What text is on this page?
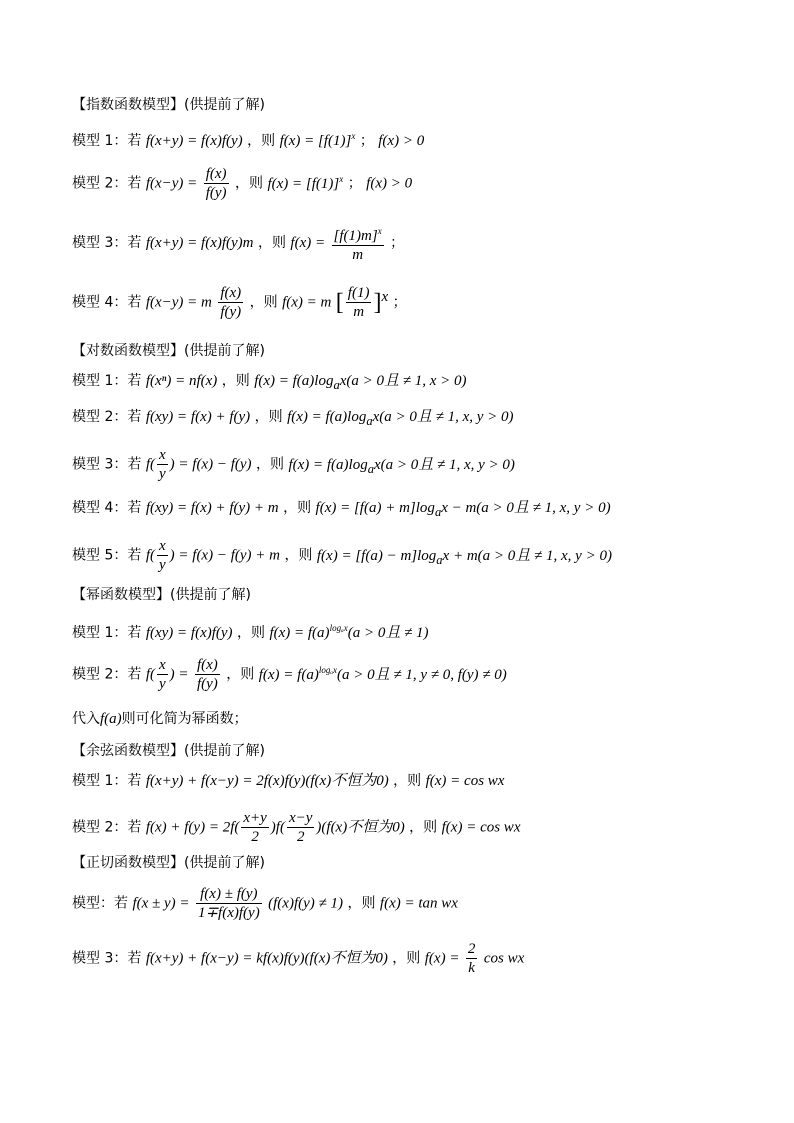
【指数函数模型】(供提前了解)
模型 1：若 f(x+y) = f(x)f(y) ，则 $f(x) = [f(1)]^x$ ； f(x) > 0
模型 2：若 $f(x-y) = \frac{f(x)}{f(y)}$ ，则 $f(x) = [f(1)]^x$ ； f(x) > 0
模型 3：若 f(x+y) = f(x)f(y)m ，则 $f(x) = \frac{[f(1)m]^x}{m}$ ；
模型 4：若 f(x−y) = m $\frac{f(x)}{f(y)}$ ，则 f(x) = m [ $\frac{f(1)}{m} ]^x$ ；
【对数函数模型】(供提前了解)
模型 1：若 f(xⁿ) = nf(x) ，则 $f(x) = f(a)\log_ax(a > 0$且 ≠ 1, x > 0)
模型 2：若 f(xy) = f(x) + f(y) ，则 $f(x) = f(a)\log_ax(a > 0$且 ≠ 1, x, y > 0)
模型 3：若 $f( \frac{x}{y}$ ) = f(x) − f(y) ，则 $f(x) = f(a)\log_ax(a > 0$且 ≠ 1, x, y > 0)
模型 4：若 f(xy) = f(x) + f(y) + m ，则 $f(x) = [f(a) + m]\log_ax - m(a > 0$且 ≠ 1, x, y > 0)
模型 5：若 $f( \frac{x}{y}$ ) = f(x) − f(y) + m ，则 $f(x) = [f(a) - m]\log_ax + m(a > 0$且 ≠ 1, x, y > 0)
【幂函数模型】(供提前了解)
模型 1：若 f(xy) = f(x)f(y) ，则 $f(x) = f(a)^{log_ax}(a > 0$且 ≠ 1)
模型 2：若 $f( \frac{x}{y}$ ) = $\frac{f(x)}{f(y)}$ ，则 $f(x) = f(a)^{log_ax}(a > 0$且 ≠ 1, y ≠ 0, f(y) ≠ 0)
代入f(a)则可化简为幂函数；
【余弦函数模型】(供提前了解)
模型 1：若 f(x+y) + f(x−y) = 2f(x)f(y)(f(x)不恒为0) ，则 f(x) = cos wx
模型 2：若 $f(x) + f(y) = 2f( \frac{x+y}{2} )f( \frac{x-y}{2} )(f(x)$不恒为0) ，则 f(x) = cos wx
【正切函数模型】(供提前了解)
模型：若 $f(x \pm y) = \frac{f(x) \pm f(y)}{1\mp f(x)f(y)} (f(x)f(y) \ne 1)$ ，则 f(x) = tan wx
模型 3：若 f(x+y) + f(x−y) = kf(x)f(y)(f(x)不恒为0) ，则 $f(x) = \frac{2}{k}$ cos wx
